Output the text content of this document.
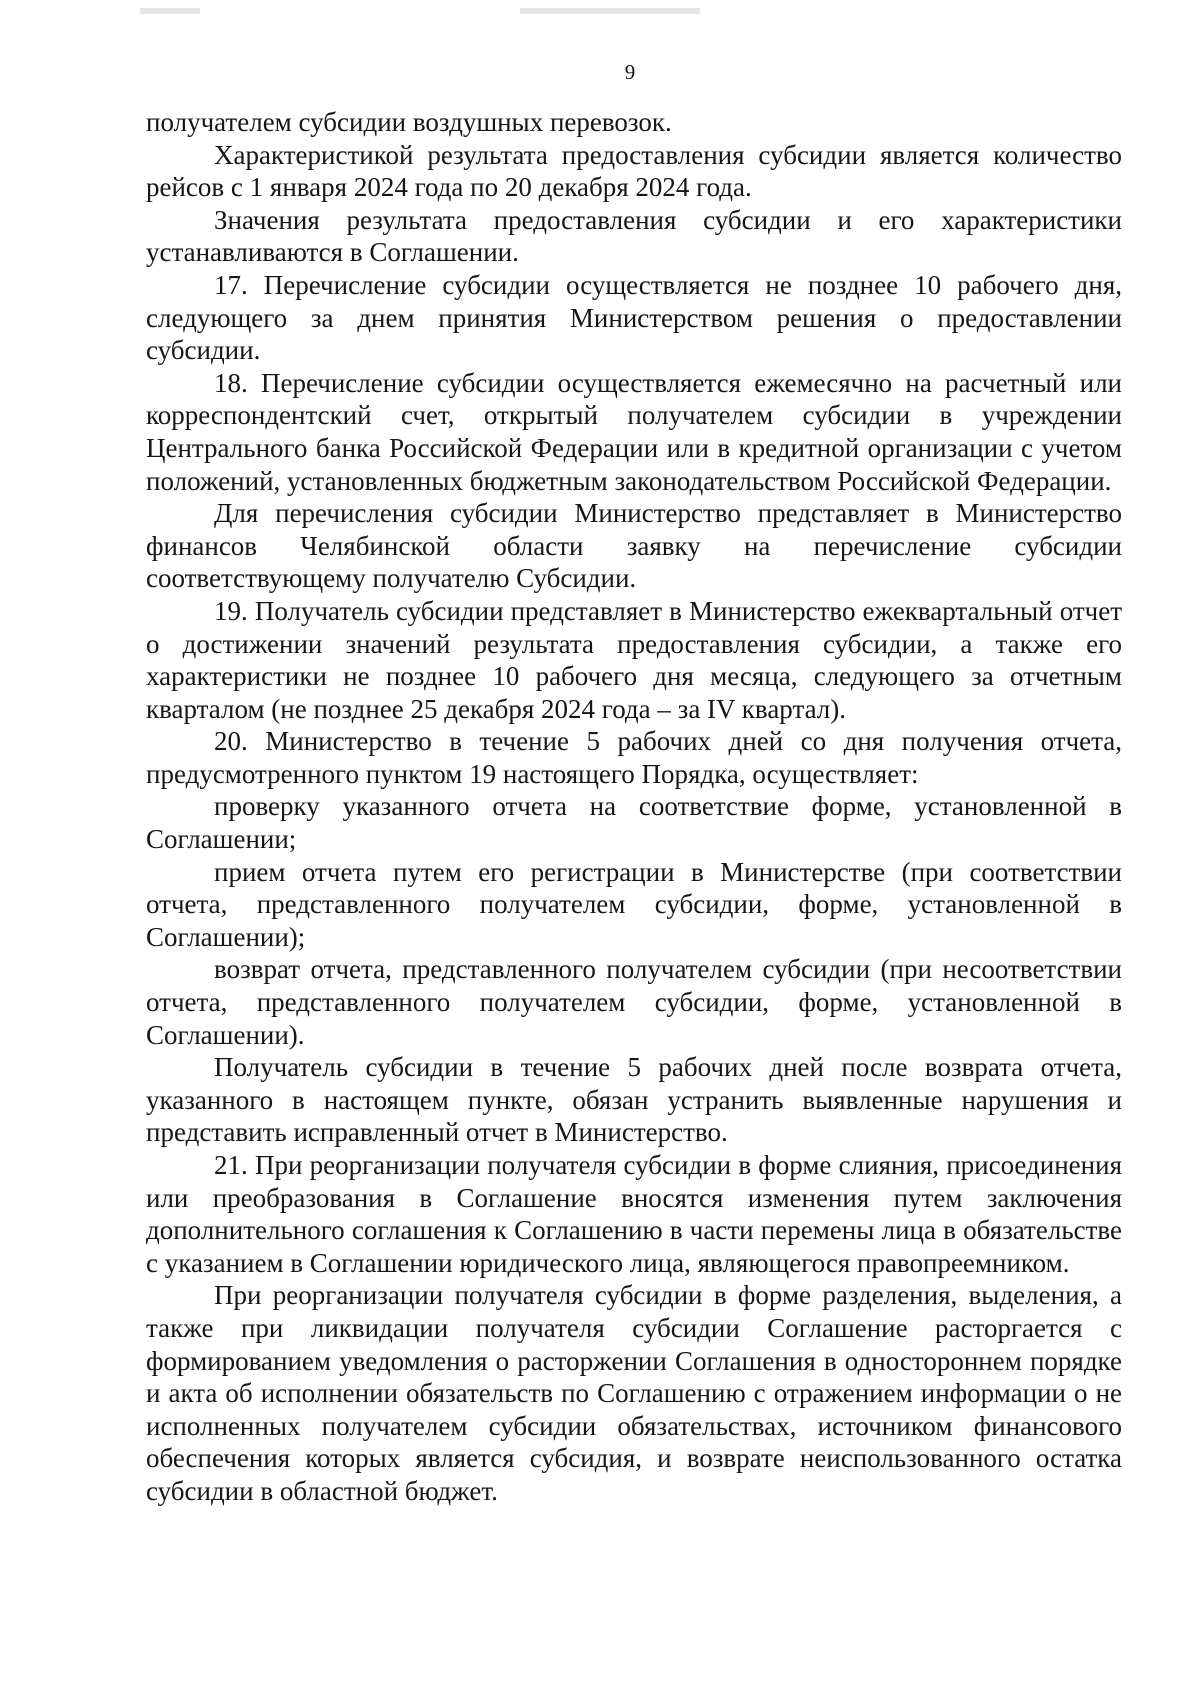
9

получателем субсидии воздушных перевозок.

Характеристикой результата предоставления субсидии является количество рейсов с 1 января 2024 года по 20 декабря 2024 года.

Значения результата предоставления субсидии и его характеристики устанавливаются в Соглашении.

17. Перечисление субсидии осуществляется не позднее 10 рабочего дня, следующего за днем принятия Министерством решения о предоставлении субсидии.

18. Перечисление субсидии осуществляется ежемесячно на расчетный или корреспондентский счет, открытый получателем субсидии в учреждении Центрального банка Российской Федерации или в кредитной организации с учетом положений, установленных бюджетным законодательством Российской Федерации.

Для перечисления субсидии Министерство представляет в Министерство финансов Челябинской области заявку на перечисление субсидии соответствующему получателю Субсидии.

19. Получатель субсидии представляет в Министерство ежеквартальный отчет о достижении значений результата предоставления субсидии, а также его характеристики не позднее 10 рабочего дня месяца, следующего за отчетным кварталом (не позднее 25 декабря 2024 года – за IV квартал).

20. Министерство в течение 5 рабочих дней со дня получения отчета, предусмотренного пунктом 19 настоящего Порядка, осуществляет:

проверку указанного отчета на соответствие форме, установленной в Соглашении;

прием отчета путем его регистрации в Министерстве (при соответствии отчета, представленного получателем субсидии, форме, установленной в Соглашении);

возврат отчета, представленного получателем субсидии (при несоответствии отчета, представленного получателем субсидии, форме, установленной в Соглашении).

Получатель субсидии в течение 5 рабочих дней после возврата отчета, указанного в настоящем пункте, обязан устранить выявленные нарушения и представить исправленный отчет в Министерство.

21. При реорганизации получателя субсидии в форме слияния, присоединения или преобразования в Соглашение вносятся изменения путем заключения дополнительного соглашения к Соглашению в части перемены лица в обязательстве с указанием в Соглашении юридического лица, являющегося правопреемником.

При реорганизации получателя субсидии в форме разделения, выделения, а также при ликвидации получателя субсидии Соглашение расторгается с формированием уведомления о расторжении Соглашения в одностороннем порядке и акта об исполнении обязательств по Соглашению с отражением информации о не исполненных получателем субсидии обязательствах, источником финансового обеспечения которых является субсидия, и возврате неиспользованного остатка субсидии в областной бюджет.
